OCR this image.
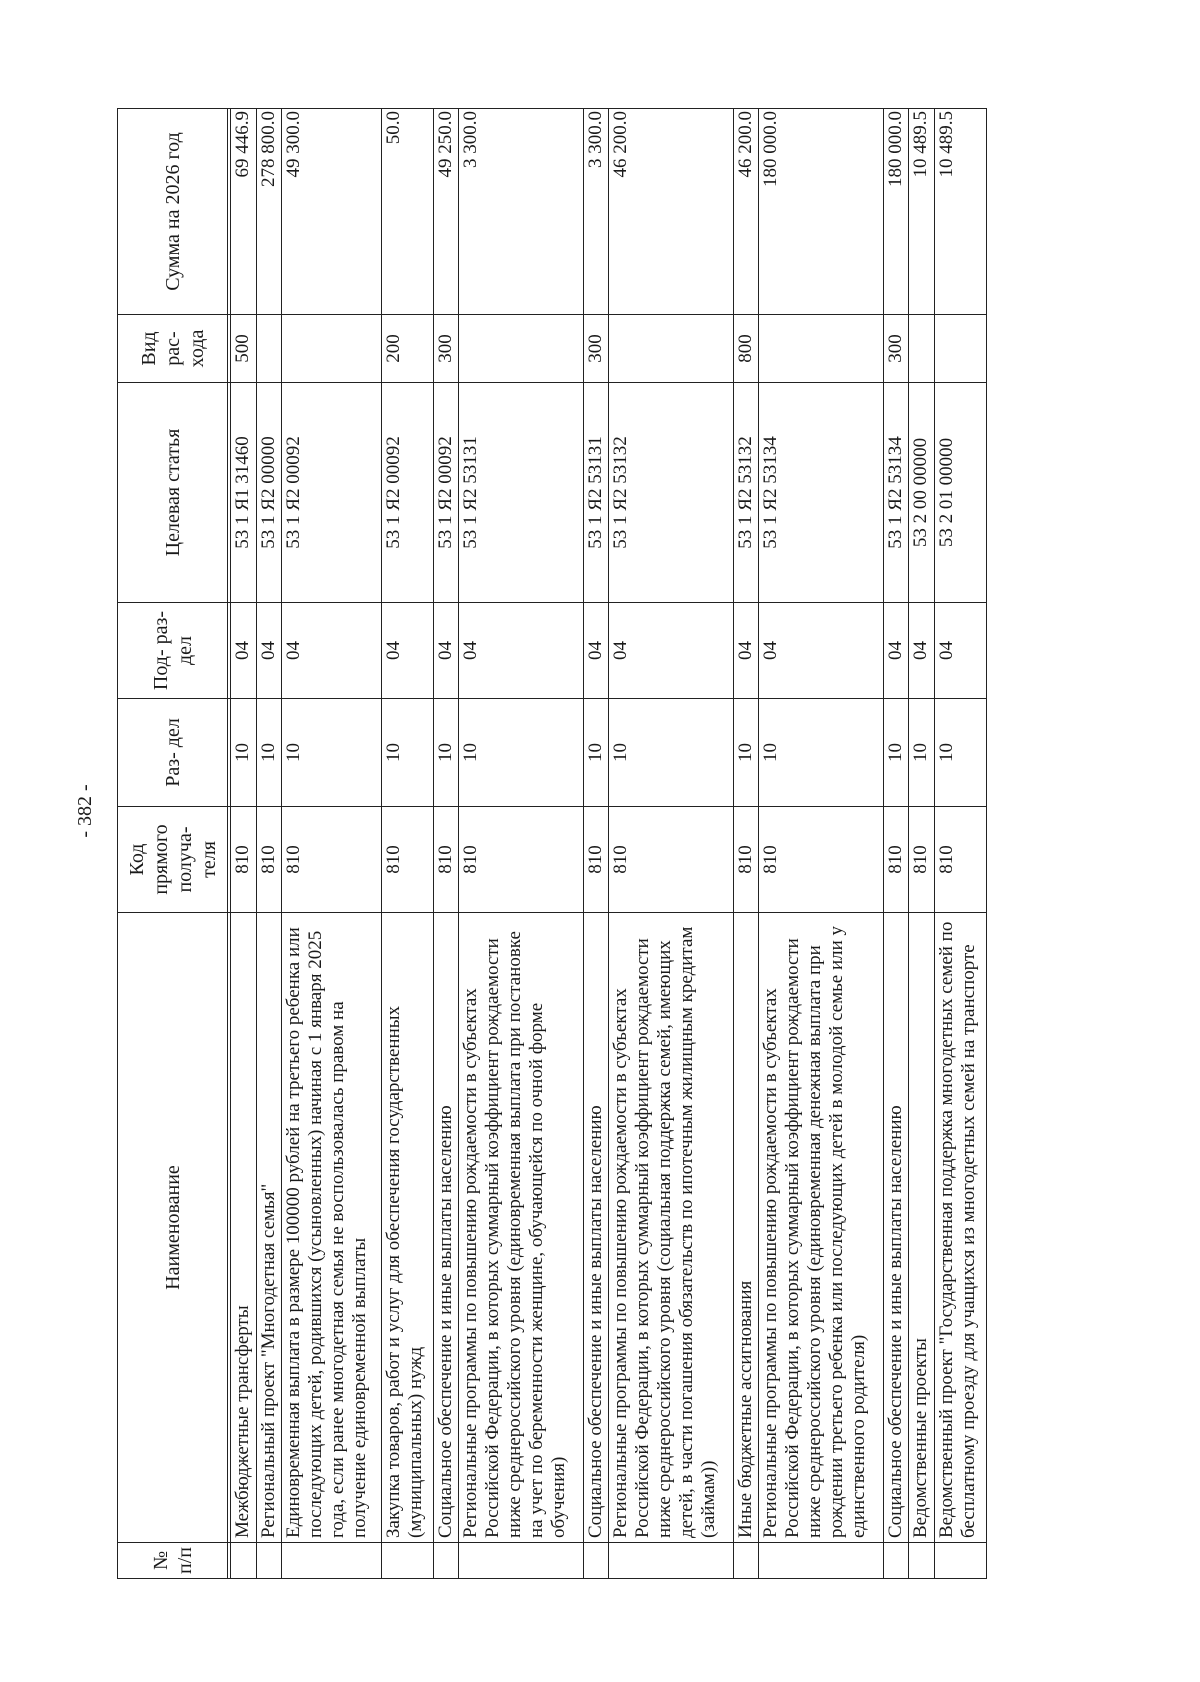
- 382 -
№ п/п	Наименование	Код прямого получа- теля	Раз- дел	Под- раз- дел	Целевая статья	Вид рас- хода	Сумма на 2026 год

	Межбюджетные трансферты	810	10	04	53 1 Я1 31460	500	69 446.9
	Региональный проект "Многодетная семья"	810	10	04	53 1 Я2 00000		278 800.0
	Единовременная выплата в размере 100000 рублей на третьего ребенка или последующих детей, родившихся (усыновленных) начиная с 1 января 2025 года, если ранее многодетная семья не воспользовалась правом на получение единовременной выплаты	810	10	04	53 1 Я2 00092		49 300.0
	Закупка товаров, работ и услуг для обеспечения государственных (муниципальных) нужд	810	10	04	53 1 Я2 00092	200	50.0
	Социальное обеспечение и иные выплаты населению	810	10	04	53 1 Я2 00092	300	49 250.0
	Региональные программы по повышению рождаемости в субъектах Российской Федерации, в которых суммарный коэффициент рождаемости ниже среднероссийского уровня (единовременная выплата при постановке на учет по беременности женщине, обучающейся по очной форме обучения)	810	10	04	53 1 Я2 53131		3 300.0
	Социальное обеспечение и иные выплаты населению	810	10	04	53 1 Я2 53131	300	3 300.0
	Региональные программы по повышению рождаемости в субъектах Российской Федерации, в которых суммарный коэффициент рождаемости ниже среднероссийского уровня (социальная поддержка семей, имеющих детей, в части погашения обязательств по ипотечным жилищным кредитам (займам))	810	10	04	53 1 Я2 53132		46 200.0
	Иные бюджетные ассигнования	810	10	04	53 1 Я2 53132	800	46 200.0
	Региональные программы по повышению рождаемости в субъектах Российской Федерации, в которых суммарный коэффициент рождаемости ниже среднероссийского уровня (единовременная денежная выплата при рождении третьего ребенка или последующих детей в молодой семье или у единственного родителя)	810	10	04	53 1 Я2 53134		180 000.0
	Социальное обеспечение и иные выплаты населению	810	10	04	53 1 Я2 53134	300	180 000.0
	Ведомственные проекты	810	10	04	53 2 00 00000		10 489.5
	Ведомственный проект "Государственная поддержка многодетных семей по бесплатному проезду для учащихся из многодетных семей на транспорте	810	10	04	53 2 01 00000		10 489.5
